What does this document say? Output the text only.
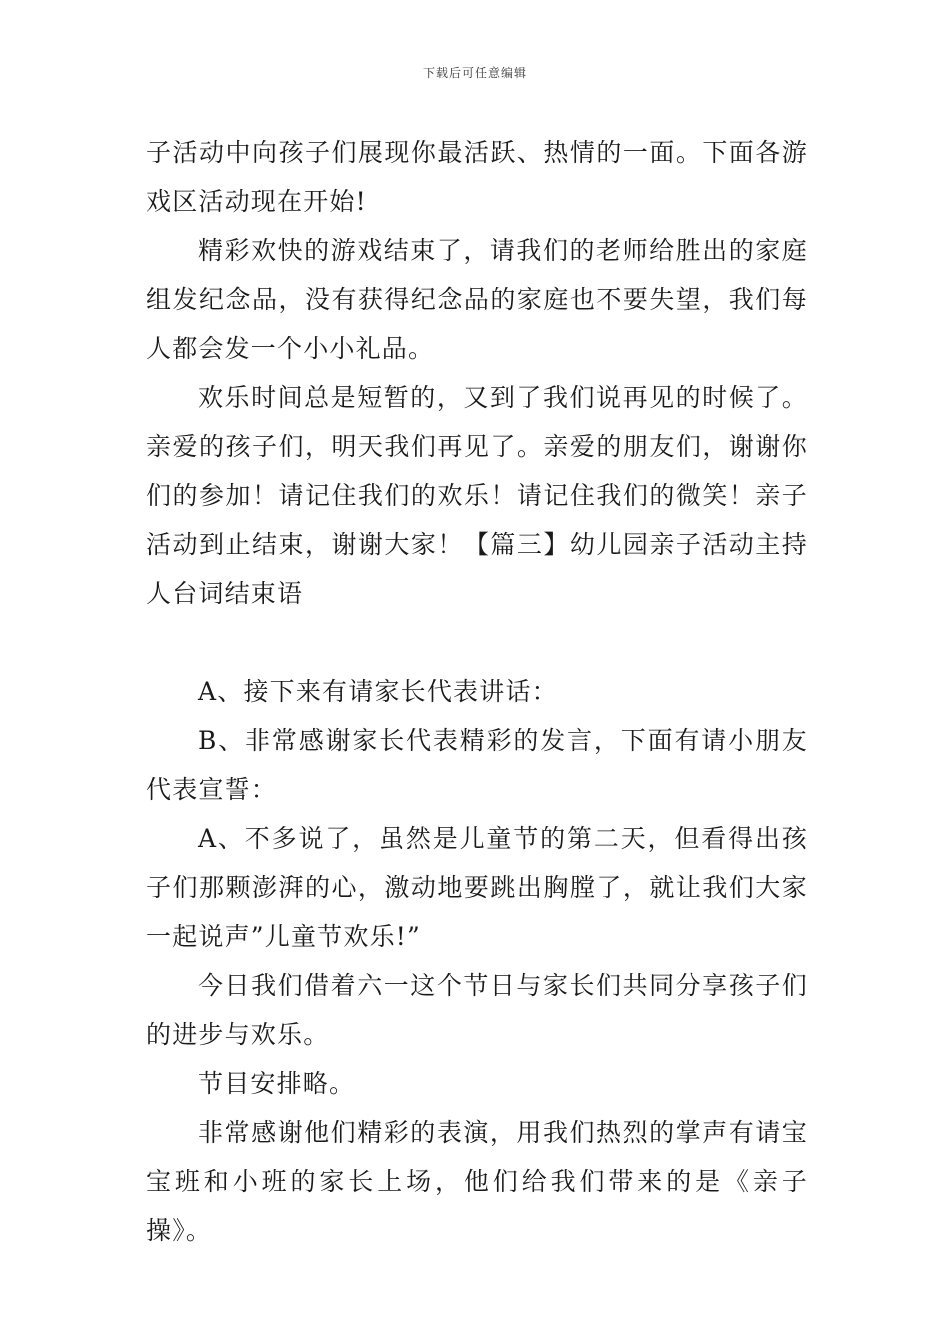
下载后可任意编辑

子活动中向孩子们展现你最活跃、热情的一面。下面各游戏区活动现在开始!

精彩欢快的游戏结束了，请我们的老师给胜出的家庭组发纪念品，没有获得纪念品的家庭也不要失望，我们每人都会发一个小小礼品。

欢乐时间总是短暂的，又到了我们说再见的时候了。亲爱的孩子们，明天我们再见了。亲爱的朋友们，谢谢你们的参加！请记住我们的欢乐！请记住我们的微笑！亲子活动到止结束，谢谢大家！【篇三】幼儿园亲子活动主持人台词结束语

A、接下来有请家长代表讲话：

B、非常感谢家长代表精彩的发言，下面有请小朋友代表宣誓：

A、不多说了，虽然是儿童节的第二天，但看得出孩子们那颗澎湃的心，激动地要跳出胸膛了，就让我们大家一起说声”儿童节欢乐!”

今日我们借着六一这个节日与家长们共同分享孩子们的进步与欢乐。

节目安排略。

非常感谢他们精彩的表演，用我们热烈的掌声有请宝宝班和小班的家长上场，他们给我们带来的是《亲子操》。
